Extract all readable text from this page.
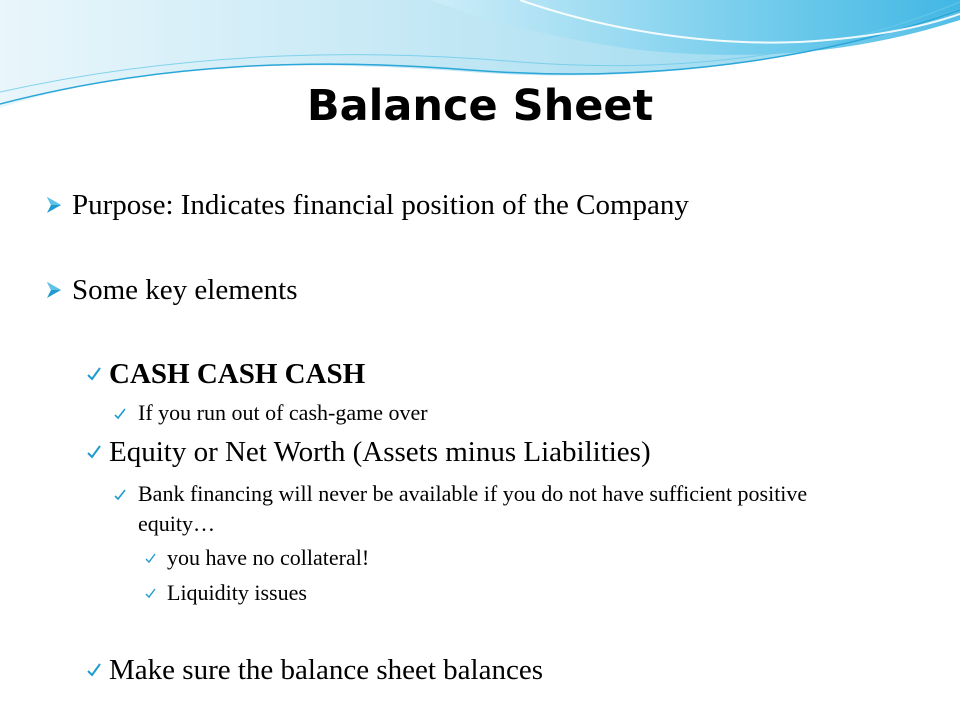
Balance Sheet
Purpose: Indicates financial position of the Company
Some key elements
CASH CASH CASH
If you run out of cash-game over
Equity or Net Worth (Assets minus Liabilities)
Bank financing will never be available if you do not have sufficient positive equity…
you have no collateral!
Liquidity issues
Make sure the balance sheet balances
